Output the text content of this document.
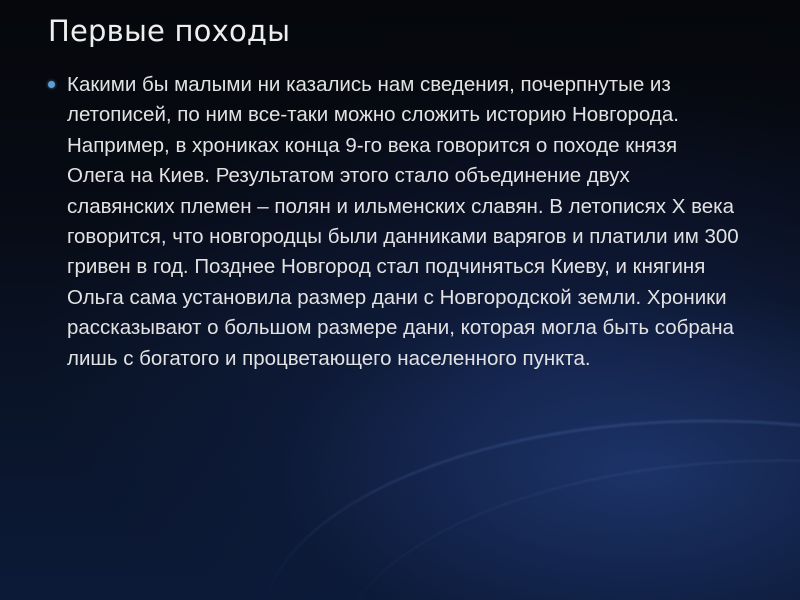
Первые походы

Какими бы малыми ни казались нам сведения, почерпнутые из летописей, по ним все-таки можно сложить историю Новгорода. Например, в хрониках конца 9-го века говорится о походе князя Олега на Киев. Результатом этого стало объединение двух славянских племен – полян и ильменских славян. В летописях X века говорится, что новгородцы были данниками варягов и платили им 300 гривен в год. Позднее Новгород стал подчиняться Киеву, и княгиня Ольга сама установила размер дани с Новгородской земли. Хроники рассказывают о большом размере дани, которая могла быть собрана лишь с богатого и процветающего населенного пункта.
